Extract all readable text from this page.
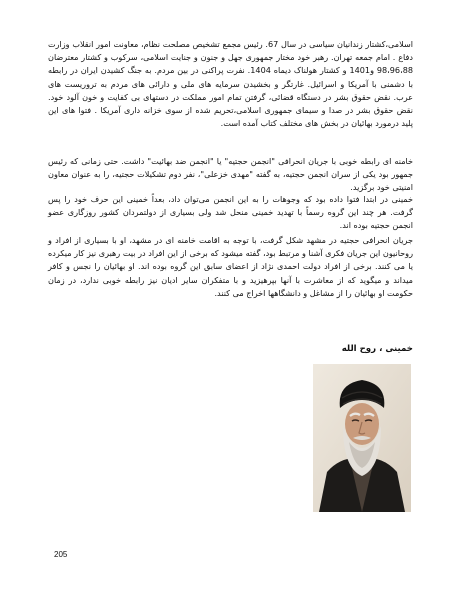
اسلامی،کشتار زندانیان سیاسی در سال 67. رئیس مجمع تشخیص مصلحت نظام، معاونت امور انقلاب وزارت دفاع . امام جمعه تهران. رهبر خود مختار جمهوری جهل و جنون و جنایت اسلامی، سرکوب و کشتار معترضان 98،96،88 و1401 و کشتار هولناک دیماه 1404. نفرت پراکنی در بین مردم. به جنگ کشیدن ایران در رابطه با دشمنی با آمریکا و اسرائیل. غارتگر و بخشیدن سرمایه های ملی و دارائی های مردم به تروریست های عرب. نقض حقوق بشر در دستگاه قضائی، گرفتن تمام امور مملکت در دستهای بی کفایت و خون آلود خود. نقض حقوق بشر در صدا و سیمای جمهوری اسلامی،تحریم شده از سوی خزانه داری آمریکا . فتوا های این پلید درمورد بهائیان در بخش های مختلف کتاب آمده است.

خامنه ای رابطه خوبی با جریان انحرافی "انجمن حجتیه" یا "انجمن ضد بهائیت" داشت. حتی زمانی که رئیس جمهور بود یکی از سران انجمن حجتیه، به گفته "مهدی خزعلی"، نفر دوم تشکیلات حجتیه، را به عنوان معاون امنیتی خود برگزید.

خمینی در ابتدا فتوا داده بود که وجوهات را به این انجمن می‌توان داد، بعداً خمینی این حرف خود را پس گرفت. هر چند این گروه رسماً با تهدید خمینی منحل شد ولی بسیاری از دولتمردان کشور روزگاری عضو انجمن حجتیه بوده اند.

جریان انحرافی حجتیه در مشهد شکل گرفت، با توجه به اقامت خامنه ای در مشهد، او با بسیاری از افراد و روحانیون این جریان فکری آشنا و مرتبط بود، گفته میشود که برخی از این افراد در بیت رهبری نیز کار میکرده یا می کنند. برخی از افراد دولت احمدی نژاد از اعضای سابق این گروه بوده اند. او بهائیان را نجس و کافر میداند و میگوید که از معاشرت با آنها بپرهیزید و با متفکران سایر ادیان نیز رابطه خوبی ندارد، در زمان حکومت او بهائیان را از مشاغل و دانشگاهها اخراج می کنند.

خمینی ، روح الله

205
